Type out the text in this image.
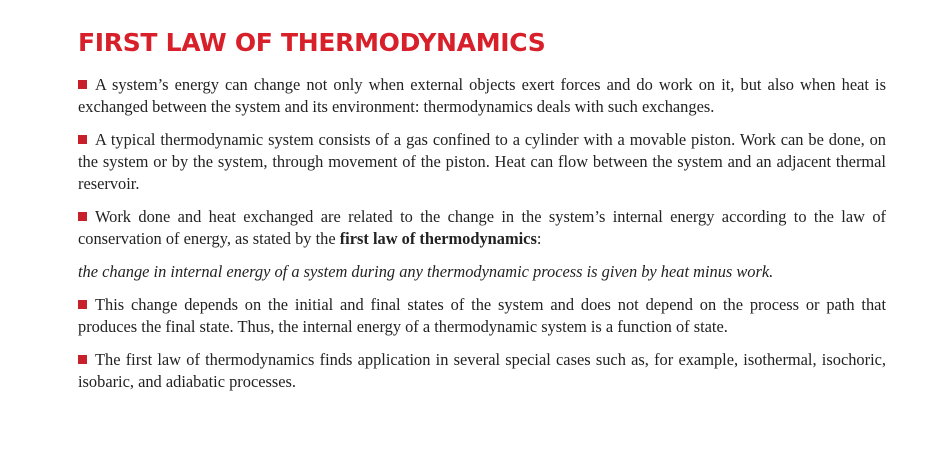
FIRST LAW OF THERMODYNAMICS

A system’s energy can change not only when external objects exert forces and do work on it, but also when heat is exchanged between the system and its environment: thermodynamics deals with such exchanges.

A typical thermodynamic system consists of a gas confined to a cylinder with a movable piston. Work can be done, on the system or by the system, through movement of the piston. Heat can flow between the system and an adjacent thermal reservoir.

Work done and heat exchanged are related to the change in the system’s internal energy according to the law of conservation of energy, as stated by the first law of thermodynamics:

the change in internal energy of a system during any thermodynamic process is given by heat minus work.

This change depends on the initial and final states of the system and does not depend on the process or path that produces the final state. Thus, the internal energy of a thermodynamic system is a function of state.

The first law of thermodynamics finds application in several special cases such as, for example, isothermal, isochoric, isobaric, and adiabatic processes.
